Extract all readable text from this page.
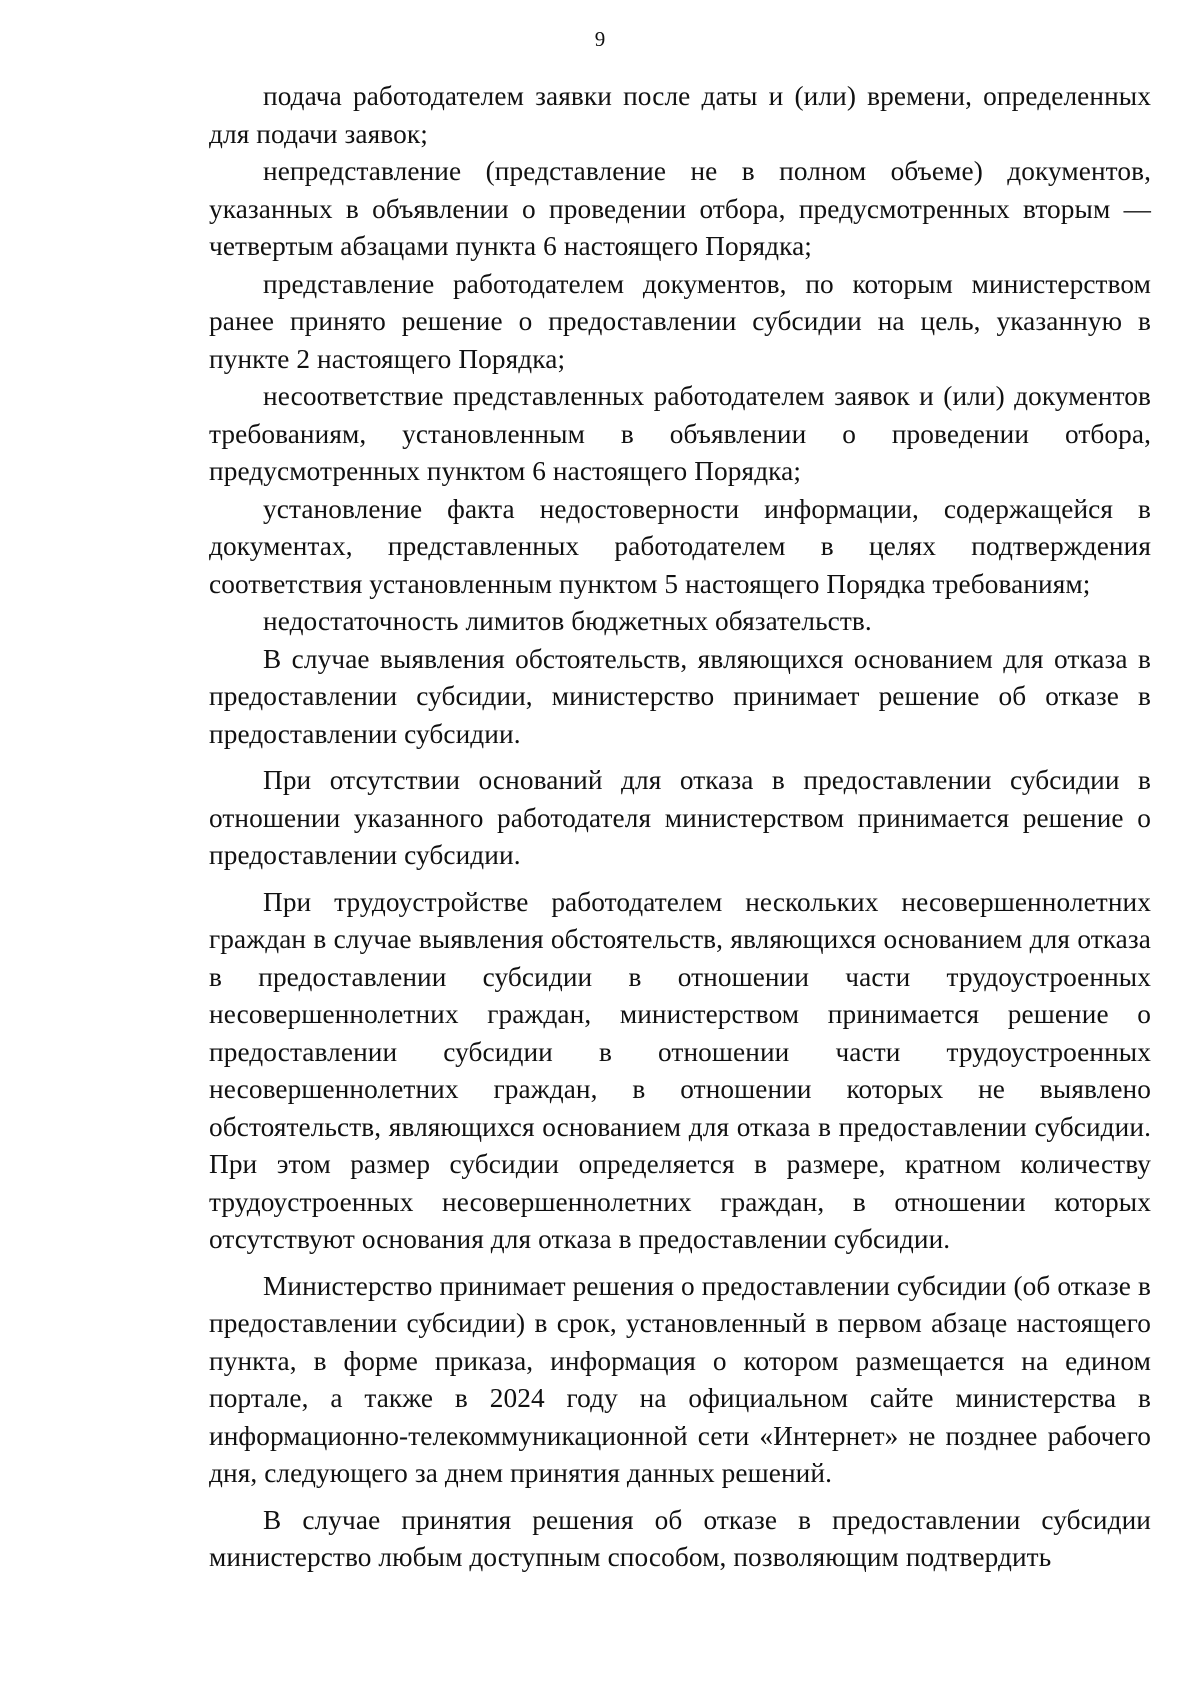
9

подача работодателем заявки после даты и (или) времени, определенных для подачи заявок;

непредставление (представление не в полном объеме) документов, указанных в объявлении о проведении отбора, предусмотренных вторым — четвертым абзацами пункта 6 настоящего Порядка;

представление работодателем документов, по которым министерством ранее принято решение о предоставлении субсидии на цель, указанную в пункте 2 настоящего Порядка;

несоответствие представленных работодателем заявок и (или) документов требованиям, установленным в объявлении о проведении отбора, предусмотренных пунктом 6 настоящего Порядка;

установление факта недостоверности информации, содержащейся в документах, представленных работодателем в целях подтверждения соответствия установленным пунктом 5 настоящего Порядка требованиям;

недостаточность лимитов бюджетных обязательств.

В случае выявления обстоятельств, являющихся основанием для отказа в предоставлении субсидии, министерство принимает решение об отказе в предоставлении субсидии.

При отсутствии оснований для отказа в предоставлении субсидии в отношении указанного работодателя министерством принимается решение о предоставлении субсидии.

При трудоустройстве работодателем нескольких несовершеннолетних граждан в случае выявления обстоятельств, являющихся основанием для отказа в предоставлении субсидии в отношении части трудоустроенных несовершеннолетних граждан, министерством принимается решение о предоставлении субсидии в отношении части трудоустроенных несовершеннолетних граждан, в отношении которых не выявлено обстоятельств, являющихся основанием для отказа в предоставлении субсидии. При этом размер субсидии определяется в размере, кратном количеству трудоустроенных несовершеннолетних граждан, в отношении которых отсутствуют основания для отказа в предоставлении субсидии.

Министерство принимает решения о предоставлении субсидии (об отказе в предоставлении субсидии) в срок, установленный в первом абзаце настоящего пункта, в форме приказа, информация о котором размещается на едином портале, а также в 2024 году на официальном сайте министерства в информационно-телекоммуникационной сети «Интернет» не позднее рабочего дня, следующего за днем принятия данных решений.

В случае принятия решения об отказе в предоставлении субсидии министерство любым доступным способом, позволяющим подтвердить
